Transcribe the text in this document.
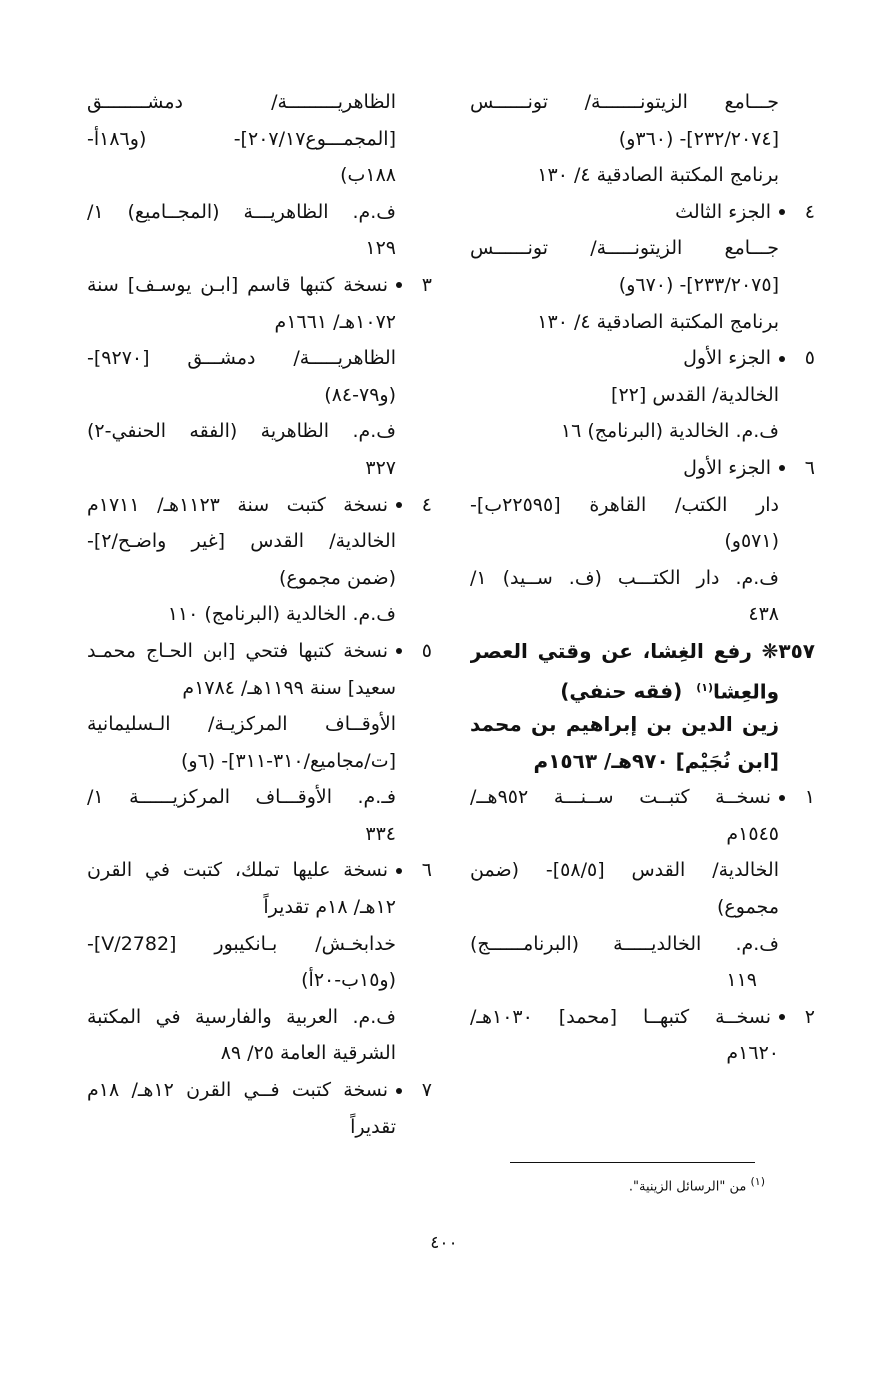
جـــامع الزيتونـــــــة/ تونــــــس
[٢٣٢/٢٠٧٤]- (٣٦٠و)
برنامج المكتبة الصادقية ٤/ ١٣٠
٤الجزء الثالث
جـــامع الزيتونـــــة/ تونــــــس
[٢٣٣/٢٠٧٥]- (٦٧٠و)
برنامج المكتبة الصادقية ٤/ ١٣٠
٥الجزء الأول
الخالدية/ القدس [٢٢]
ف.م. الخالدية (البرنامج) ١٦
٦الجزء الأول
دار الكتب/ القاهرة [٢٢٥٩٥ب]-
(٥٧١و)
ف.م. دار الكتـــب (ف. ســيد) ١/
٤٣٨
٣٥٧❋ رفع الغِشا، عن وقتي العصر
والعِشا$^{(١)}$(فقه حنفي)
زين الدين بن إبراهيم بن محمد
[ابن نُجَيْم] ٩٧٠هـ/ ١٥٦٣م
١نسخــة كتبــت ســنـــة ٩٥٢هــ/
١٥٤٥م
الخالدية/ القدس [٥٨/٥]- (ضمن
مجموع)
ف.م. الخالديـــــة (البرنامــــــج)
١١٩
٢نسخــة كتبهــا [محمد] ١٠٣٠هـ/
١٦٢٠م
الظاهريـــــــــة/ دمشــــــــق
[المجمـــوع٢٠٧/١٧]- (و١٨٦أ-
١٨٨ب)
ف.م. الظاهريـــة (المجــاميع) ١/
١٢٩
٣نسخة كتبها قاسم [ابـن يوسـف] سنة
١٠٧٢هـ/ ١٦٦١م
الظاهريـــــة/ دمشـــق [٩٢٧٠]-
(و٧٩-٨٤)
ف.م. الظاهرية (الفقه الحنفي-٢)
٣٢٧
٤نسخة كتبت سنة ١١٢٣هـ/ ١٧١١م
الخالدية/ القدس [غير واضـح/٢]-
(ضمن مجموع)
ف.م. الخالدية (البرنامج) ١١٠
٥نسخة كتبها فتحي [ابن الحـاج محمـد
سعيد] سنة ١١٩٩هـ/ ١٧٨٤م
الأوقــاف المركزيـة/ الـسليمانية
[ت/مجاميع/٣١٠-٣١١]- (٦و)
فـ.م. الأوقـــاف المركزيــــــة ١/
٣٣٤
٦نسخة عليها تملك، كتبت في القرن
١٢هـ/ ١٨م تقديراً
خدابخـش/ بـانكيبور [2782/V]-
(و١٥ب-٢٠أ)
ف.م. العربية والفارسية في المكتبة
الشرقية العامة ٢٥/ ٨٩
٧نسخة كتبت فــي القرن ١٢هـ/ ١٨م
تقديراً
$^{(١)}$ من "الرسائل الزينية".
٤٠٠
